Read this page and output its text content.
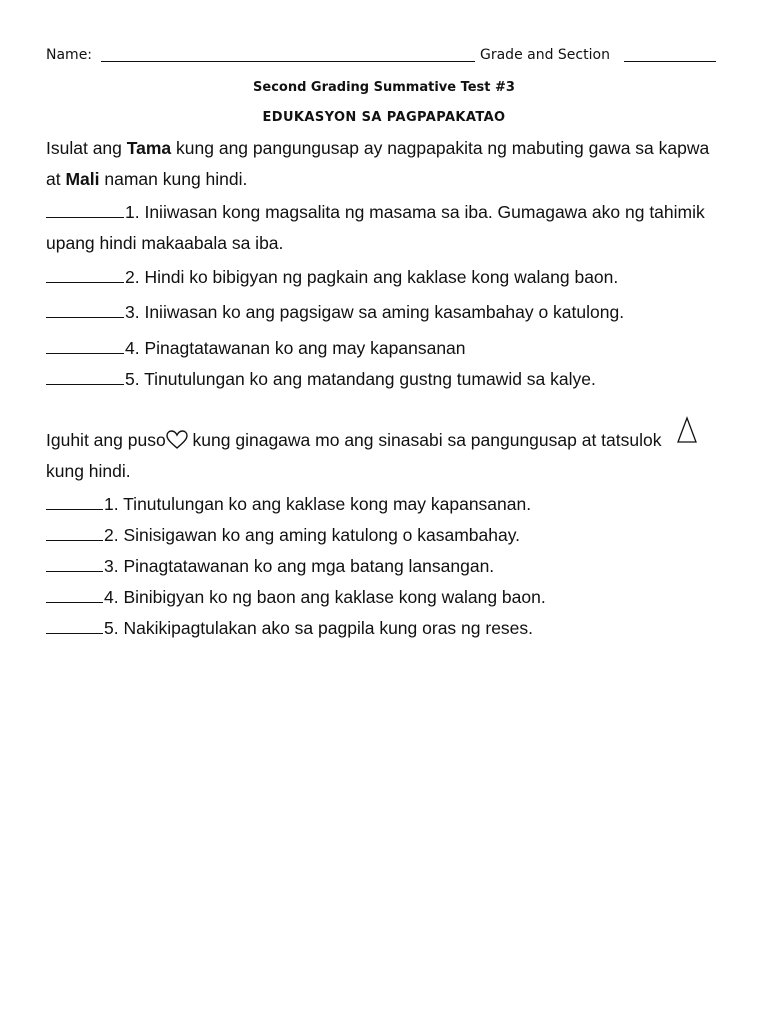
Name:	Grade and Section
Second Grading Summative Test #3
EDUKASYON SA PAGPAPAKATAO
Isulat ang Tama kung ang pangungusap ay nagpapakita ng mabuting gawa sa kapwa
at Mali naman kung hindi.
1. Iniiwasan kong magsalita ng masama sa iba. Gumagawa ako ng tahimik
upang hindi makaabala sa iba.
2. Hindi ko bibigyan ng pagkain ang kaklase kong walang baon.
3. Iniiwasan ko ang pagsigaw sa aming kasambahay o katulong.
4. Pinagtatawanan ko ang may kapansanan
5. Tinutulungan ko ang matandang gustng tumawid sa kalye.
Iguhit ang puso kung ginagawa mo ang sinasabi sa pangungusap at tatsulok
kung hindi.
1. Tinutulungan ko ang kaklase kong may kapansanan.
2. Sinisigawan ko ang aming katulong o kasambahay.
3. Pinagtatawanan ko ang mga batang lansangan.
4. Binibigyan ko ng baon ang kaklase kong walang baon.
5. Nakikipagtulakan ako sa pagpila kung oras ng reses.
